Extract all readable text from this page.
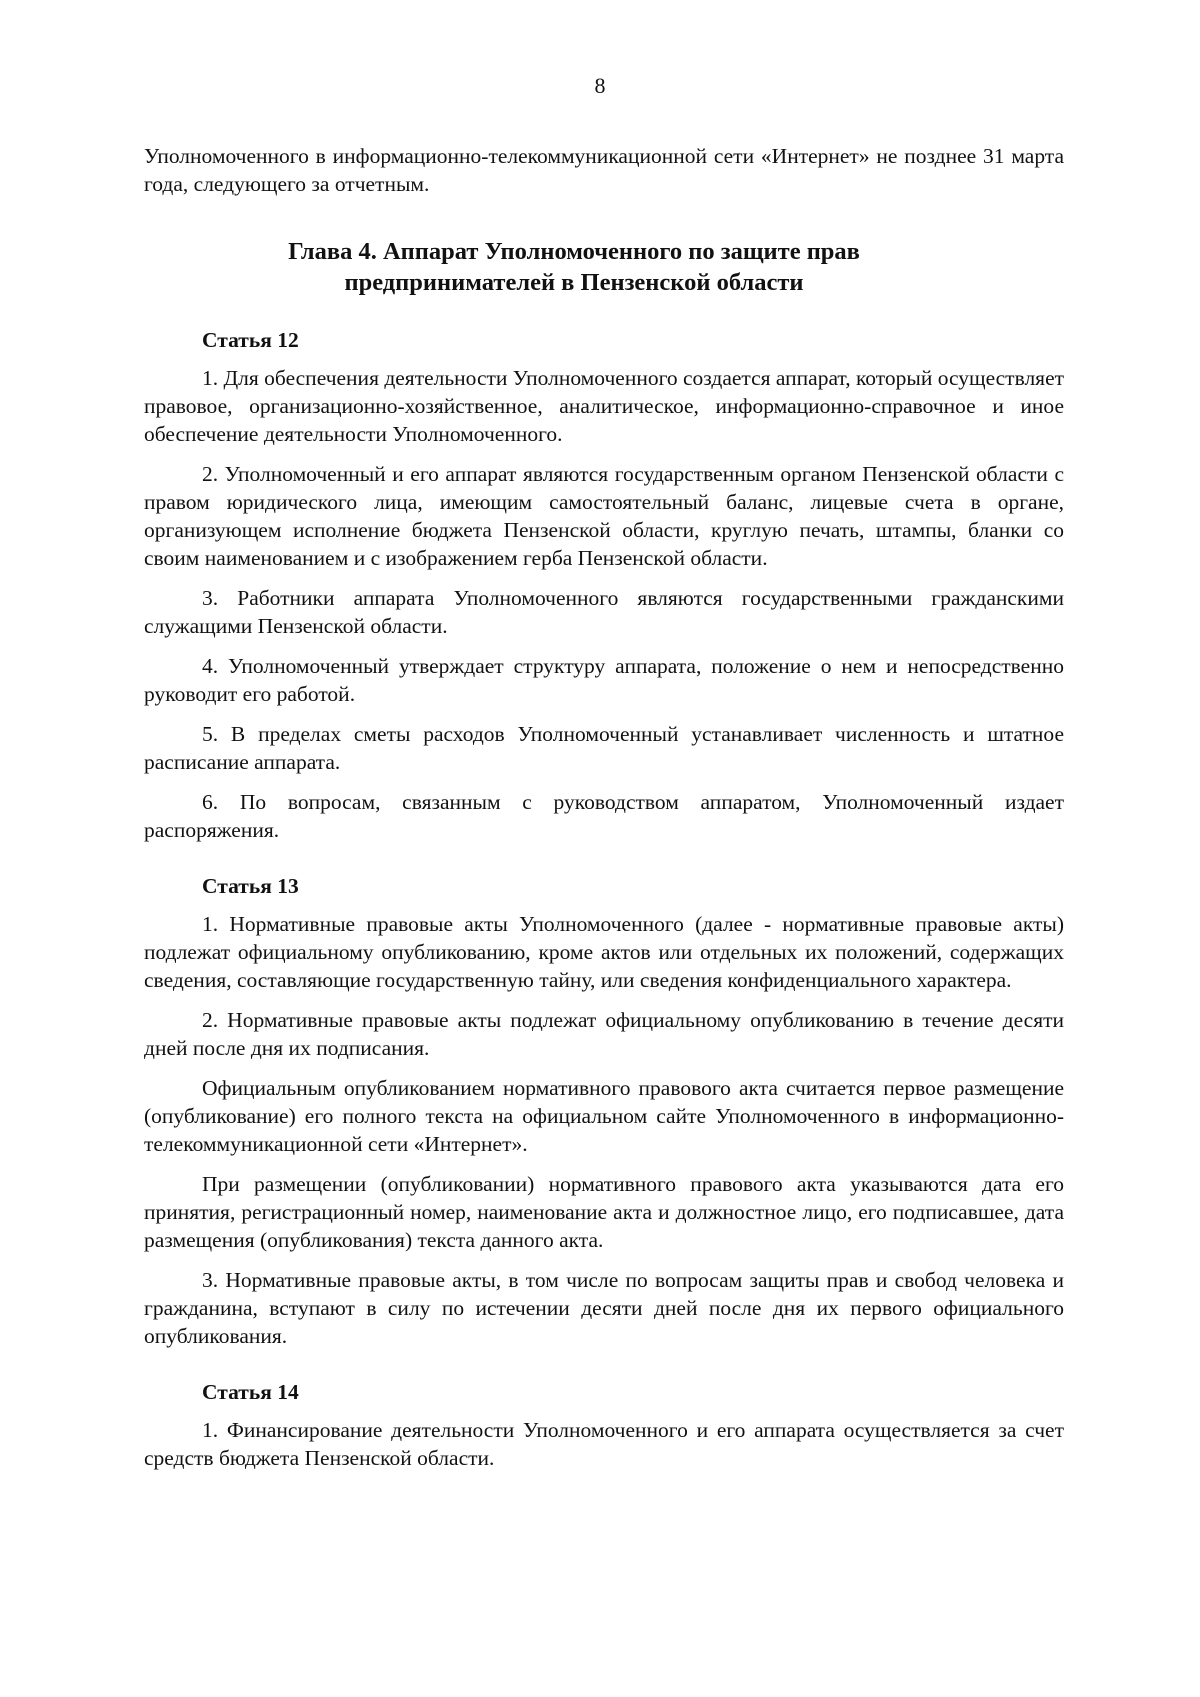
8

Уполномоченного в информационно-телекоммуникационной сети «Интернет» не позднее 31 марта года, следующего за отчетным.

Глава 4. Аппарат Уполномоченного по защите прав
предпринимателей в Пензенской области
Статья 12

1. Для обеспечения деятельности Уполномоченного создается аппарат, который осуществляет правовое, организационно-хозяйственное, аналитическое, информационно-справочное и иное обеспечение деятельности Уполномоченного.

2. Уполномоченный и его аппарат являются государственным органом Пензенской области с правом юридического лица, имеющим самостоятельный баланс, лицевые счета в органе, организующем исполнение бюджета Пензенской области, круглую печать, штампы, бланки со своим наименованием и с изображением герба Пензенской области.

3. Работники аппарата Уполномоченного являются государственными гражданскими служащими Пензенской области.

4. Уполномоченный утверждает структуру аппарата, положение о нем и непосредственно руководит его работой.

5. В пределах сметы расходов Уполномоченный устанавливает численность и штатное расписание аппарата.

6. По вопросам, связанным с руководством аппаратом, Уполномоченный издает распоряжения.

Статья 13

1. Нормативные правовые акты Уполномоченного (далее - нормативные правовые акты) подлежат официальному опубликованию, кроме актов или отдельных их положений, содержащих сведения, составляющие государственную тайну, или сведения конфиденциального характера.

2. Нормативные правовые акты подлежат официальному опубликованию в течение десяти дней после дня их подписания.

Официальным опубликованием нормативного правового акта считается первое размещение (опубликование) его полного текста на официальном сайте Уполномоченного в информационно-телекоммуникационной сети «Интернет».

При размещении (опубликовании) нормативного правового акта указываются дата его принятия, регистрационный номер, наименование акта и должностное лицо, его подписавшее, дата размещения (опубликования) текста данного акта.

3. Нормативные правовые акты, в том числе по вопросам защиты прав и свобод человека и гражданина, вступают в силу по истечении десяти дней после дня их первого официального опубликования.

Статья 14

1. Финансирование деятельности Уполномоченного и его аппарата осуществляется за счет средств бюджета Пензенской области.
